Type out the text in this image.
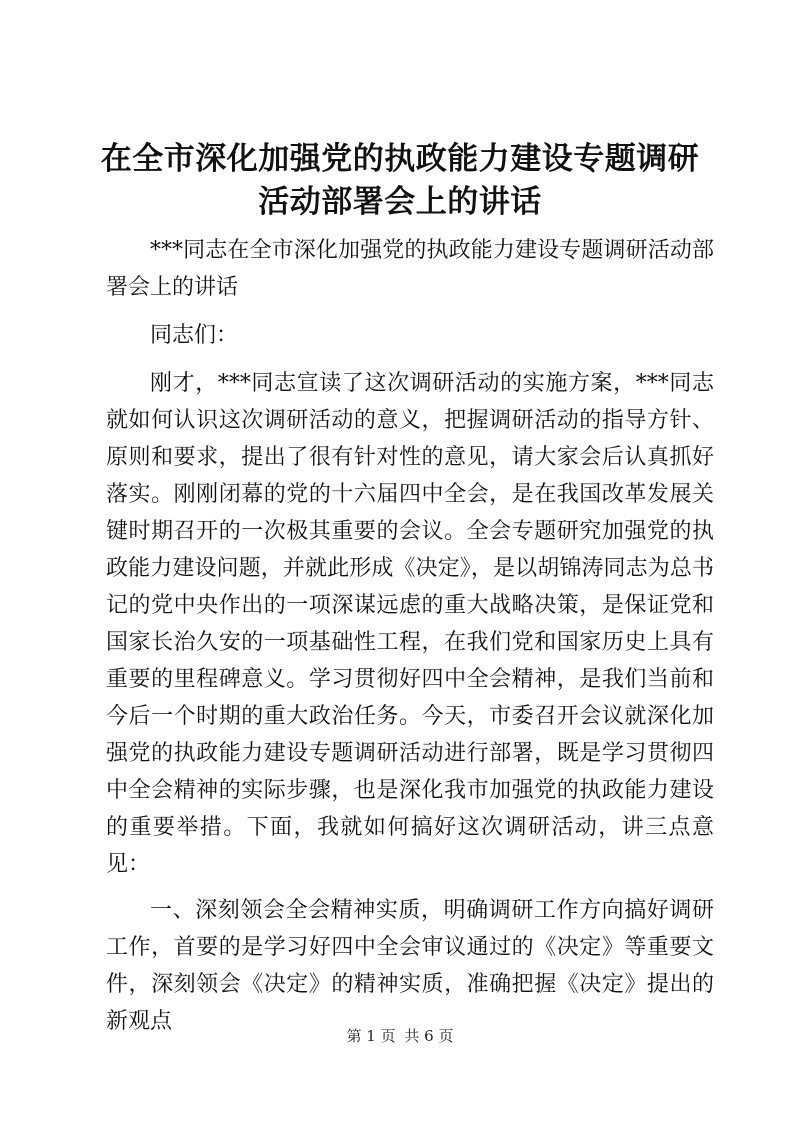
在全市深化加强党的执政能力建设专题调研活动部署会上的讲话

***同志在全市深化加强党的执政能力建设专题调研活动部署会上的讲话

同志们：

刚才，***同志宣读了这次调研活动的实施方案，***同志就如何认识这次调研活动的意义，把握调研活动的指导方针、原则和要求，提出了很有针对性的意见，请大家会后认真抓好落实。刚刚闭幕的党的十六届四中全会，是在我国改革发展关键时期召开的一次极其重要的会议。全会专题研究加强党的执政能力建设问题，并就此形成《决定》，是以胡锦涛同志为总书记的党中央作出的一项深谋远虑的重大战略决策，是保证党和国家长治久安的一项基础性工程，在我们党和国家历史上具有重要的里程碑意义。学习贯彻好四中全会精神，是我们当前和今后一个时期的重大政治任务。今天，市委召开会议就深化加强党的执政能力建设专题调研活动进行部署，既是学习贯彻四中全会精神的实际步骤，也是深化我市加强党的执政能力建设的重要举措。下面，我就如何搞好这次调研活动，讲三点意见：

一、深刻领会全会精神实质，明确调研工作方向搞好调研工作，首要的是学习好四中全会审议通过的《决定》等重要文件，深刻领会《决定》的精神实质，准确把握《决定》提出的新观点

第 1 页 共 6 页
